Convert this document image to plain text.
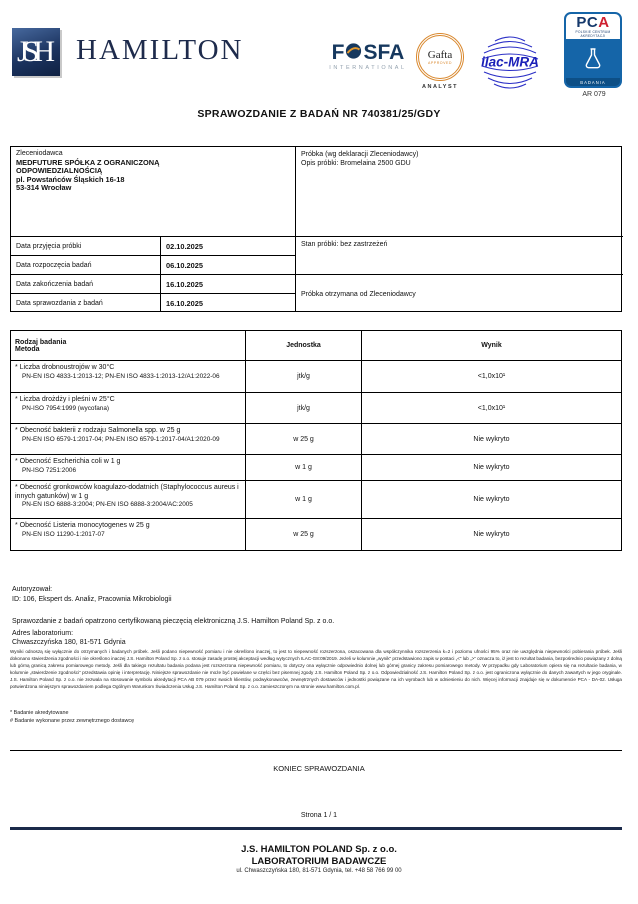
JSH HAMILTON	F SFA
INTERNATIONAL
Gafta
APPROVED
ANALYST
ilac-MRA
PCA
POLSKIE CENTRUM
AKREDYTACJI
BADANIA
AR 079
SPRAWOZDANIE Z BADAŃ NR 740381/25/GDY
Zleceniodawca
MEDFUTURE SPÓŁKA Z OGRANICZONĄ
ODPOWIEDZIALNOŚCIĄ
pl. Powstańców Śląskich 16-18
53-314 Wrocław
Data przyjęcia próbki	02.10.2025
Data rozpoczęcia badań	06.10.2025
Data zakończenia badań	16.10.2025
Data sprawozdania z badań	16.10.2025
Próbka (wg deklaracji Zleceniodawcy)
Opis próbki: Bromelaina 2500 GDU
Stan próbki: bez zastrzeżeń
Próbka otrzymana od Zleceniodawcy
Rodzaj badania
Metoda	Jednostka	Wynik
* Liczba drobnoustrojów w 30°C
PN-EN ISO 4833-1:2013-12; PN-EN ISO 4833-1:2013-12/A1:2022-06	jtk/g	<1,0x10¹
* Liczba drożdży i pleśni w 25°C
PN-ISO 7954:1999 (wycofana)	jtk/g	<1,0x10¹
* Obecność bakterii z rodzaju Salmonella spp. w 25 g
PN-EN ISO 6579-1:2017-04; PN-EN ISO 6579-1:2017-04/A1:2020-09	w 25 g	Nie wykryto
* Obecność Escherichia coli w 1 g
PN-ISO 7251:2006	w 1 g	Nie wykryto
* Obecność gronkowców koagulazo-dodatnich (Staphylococcus aureus i innych gatunków) w 1 g
PN-EN ISO 6888-3:2004; PN-EN ISO 6888-3:2004/AC:2005
w 1 g	Nie wykryto
* Obecność Listeria monocytogenes w 25 g
PN-EN ISO 11290-1:2017-07	w 25 g	Nie wykryto
Autoryzował:
ID: 106, Ekspert ds. Analiz, Pracownia Mikrobiologii
Sprawozdanie z badań opatrzono certyfikowaną pieczęcią elektroniczną J.S. Hamilton Poland Sp. z o.o.
Adres laboratorium:
Chwaszczyńska 180, 81-571 Gdynia
Wyniki odnoszą się wyłącznie do otrzymanych i badanych próbek. Jeśli podano niepewność pomiaru i nie określono inaczej, to jest to niepewność rozszerzona, oszacowana dla współczynnika rozszerzenia k=2 i poziomu ufności 95% oraz nie uwzględnia niepewności pobierania próbek. Jeśli dokonano stwierdzenia zgodności i nie określono inaczej J.S. Hamilton Poland Sp. z o.o. stosuje zasadę prostej akceptacji według wytycznych ILAC-G8:09/2019. Jeżeli w kolumnie „wynik” przedstawiono zapis w postaci „<” lub „>” oznacza to, iż jest to rezultat badania, bezpośrednio powiązany z dolną lub górną granicą zakresu pomiarowego metody. Jeśli dla takiego rezultatu badania podana jest rozszerzona niepewność pomiaru, to dotyczy ona wyłącznie odpowiednio dolnej lub górnej granicy zakresu pomiarowego metody. W przypadku gdy Laboratorium opiera się na rezultacie badania, w kolumnie „stwierdzenie zgodności” przedstawia opinię i interpretację. Niniejsze sprawozdanie nie może być powielane w części bez pisemnej zgody J.S. Hamilton Poland Sp. z o.o. Odpowiedzialność J.S. Hamilton Poland Sp. z o.o. jest ograniczona wyłącznie do danych zawartych w jego oryginale. J.S. Hamilton Poland Sp. z o.o. nie zezwala na stosowanie symbolu akredytacji PCA AB 079 przez swoich klientów, podwykonawców, zewnętrznych dostawców i jednostki powiązane na ich wyrobach lub w odniesieniu do nich. Więcej informacji znajduje się w dokumencie PCA - DA-02. Usługa potwierdzona niniejszym sprawozdaniem podlega Ogólnym Warunkom Świadczenia Usług J.S. Hamilton Poland Sp. z o.o. zamieszczonym na stronie www.hamilton.com.pl.
* Badanie akredytowane
# Badanie wykonane przez zewnętrznego dostawcę
KONIEC SPRAWOZDANIA
Strona 1 / 1
J.S. HAMILTON POLAND Sp. z o.o.
LABORATORIUM BADAWCZE
ul. Chwaszczyńska 180, 81-571 Gdynia, tel. +48 58 766 99 00
